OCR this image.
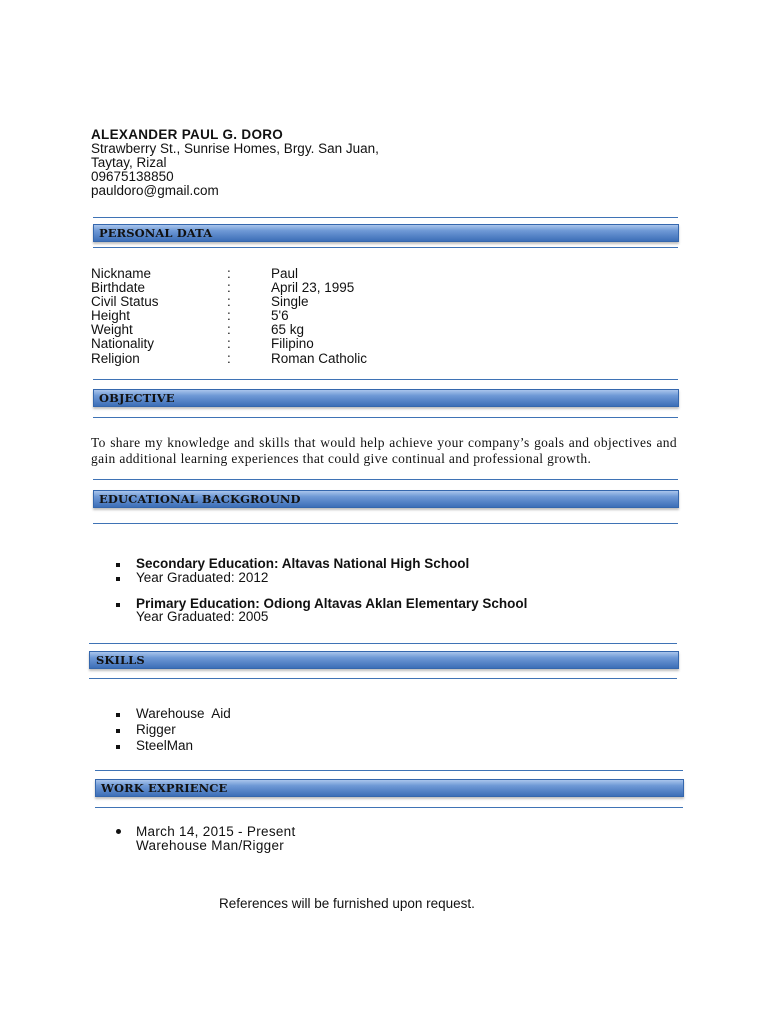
ALEXANDER PAUL G. DORO
Strawberry St., Sunrise Homes, Brgy. San Juan,
Taytay, Rizal
09675138850
pauldoro@gmail.com
PERSONAL DATA
Nickname	:	Paul
Birthdate	:	April 23, 1995
Civil Status	:	Single
Height	:	5'6
Weight	:	65 kg
Nationality	:	Filipino
Religion	:	Roman Catholic
OBJECTIVE
To share my knowledge and skills that would help achieve your company’s goals and objectives and gain additional learning experiences that could give continual and professional growth.
EDUCATIONAL BACKGROUND
Secondary Education: Altavas National High School
Year Graduated: 2012
Primary Education: Odiong Altavas Aklan Elementary School
Year Graduated: 2005
SKILLS
Warehouse  Aid
Rigger
SteelMan
WORK EXPRIENCE
March 14, 2015 - Present
Warehouse Man/Rigger
References will be furnished upon request.
